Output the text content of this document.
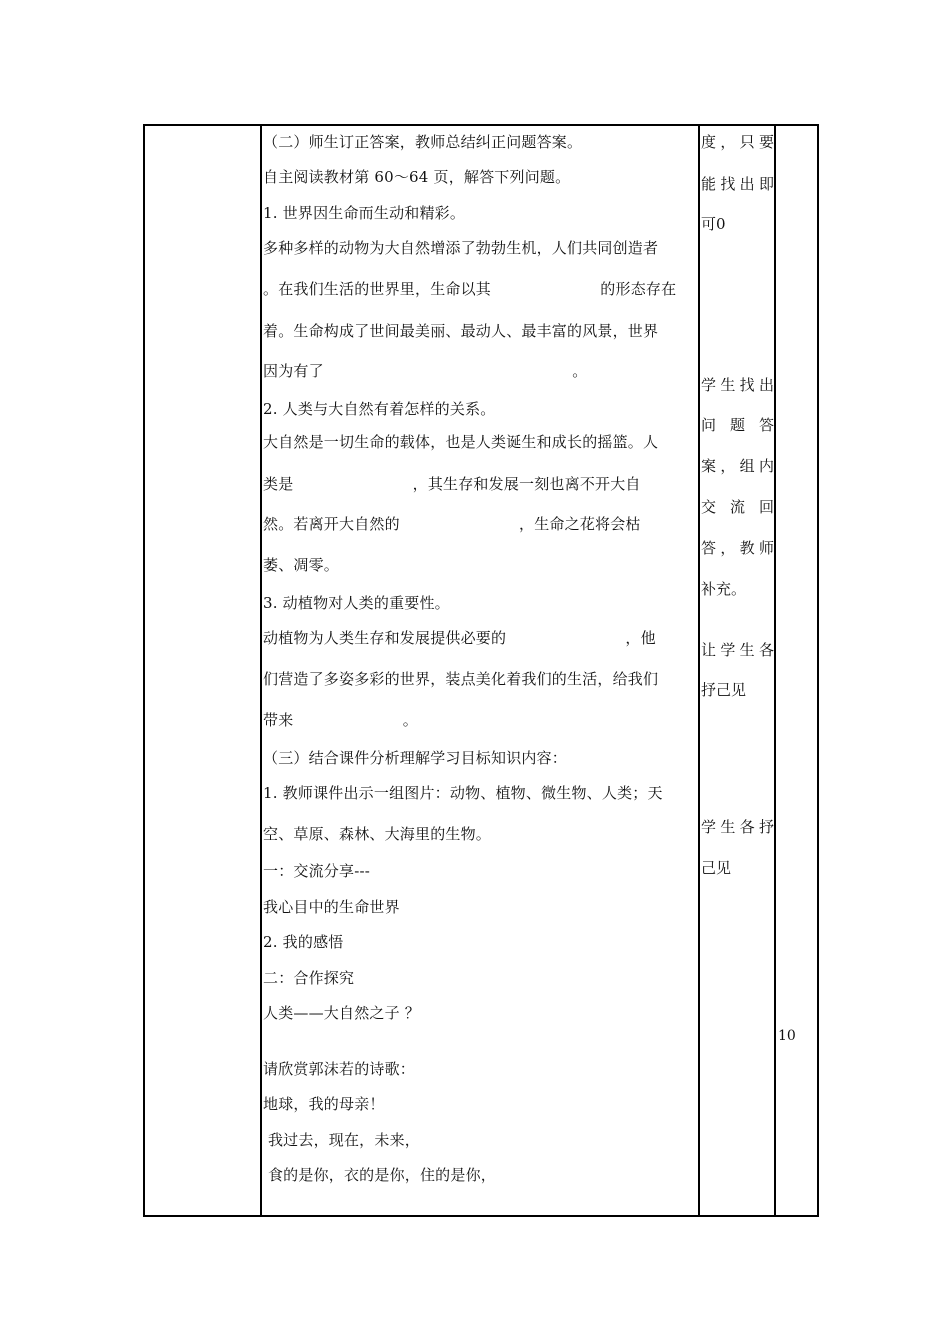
（二）师生订正答案，教师总结纠正问题答案。
自主阅读教材第 60～64 页，解答下列问题。
1. 世界因生命而生动和精彩。
多种多样的动物为大自然增添了勃勃生机，人们共同创造者
。在我们生活的世界里，生命以其                      的形态存在
着。生命构成了世间最美丽、最动人、最丰富的风景，世界
因为有了                                                  。
2. 人类与大自然有着怎样的关系。
大自然是一切生命的载体，也是人类诞生和成长的摇篮。人
类是                        ，其生存和发展一刻也离不开大自
然。若离开大自然的                        ，生命之花将会枯
萎、凋零。
3. 动植物对人类的重要性。
动植物为人类生存和发展提供必要的                        ，他
们营造了多姿多彩的世界，装点美化着我们的生活，给我们
带来                      。
（三）结合课件分析理解学习目标知识内容：
1. 教师课件出示一组图片：动物、植物、微生物、人类；天
空、草原、森林、大海里的生物。
一：交流分享---
我心目中的生命世界
2. 我的感悟
二：合作探究
人类——大自然之子 ？
请欣赏郭沫若的诗歌：
地球，我的母亲！
我过去，现在，未来，
食的是你，衣的是你，住的是你，
度，只要
能找出即
可0
学生找出
问 题 答
案，组内
交 流 回
答，教师
补充。
让学生各
抒己见
学生各抒
己见
10
